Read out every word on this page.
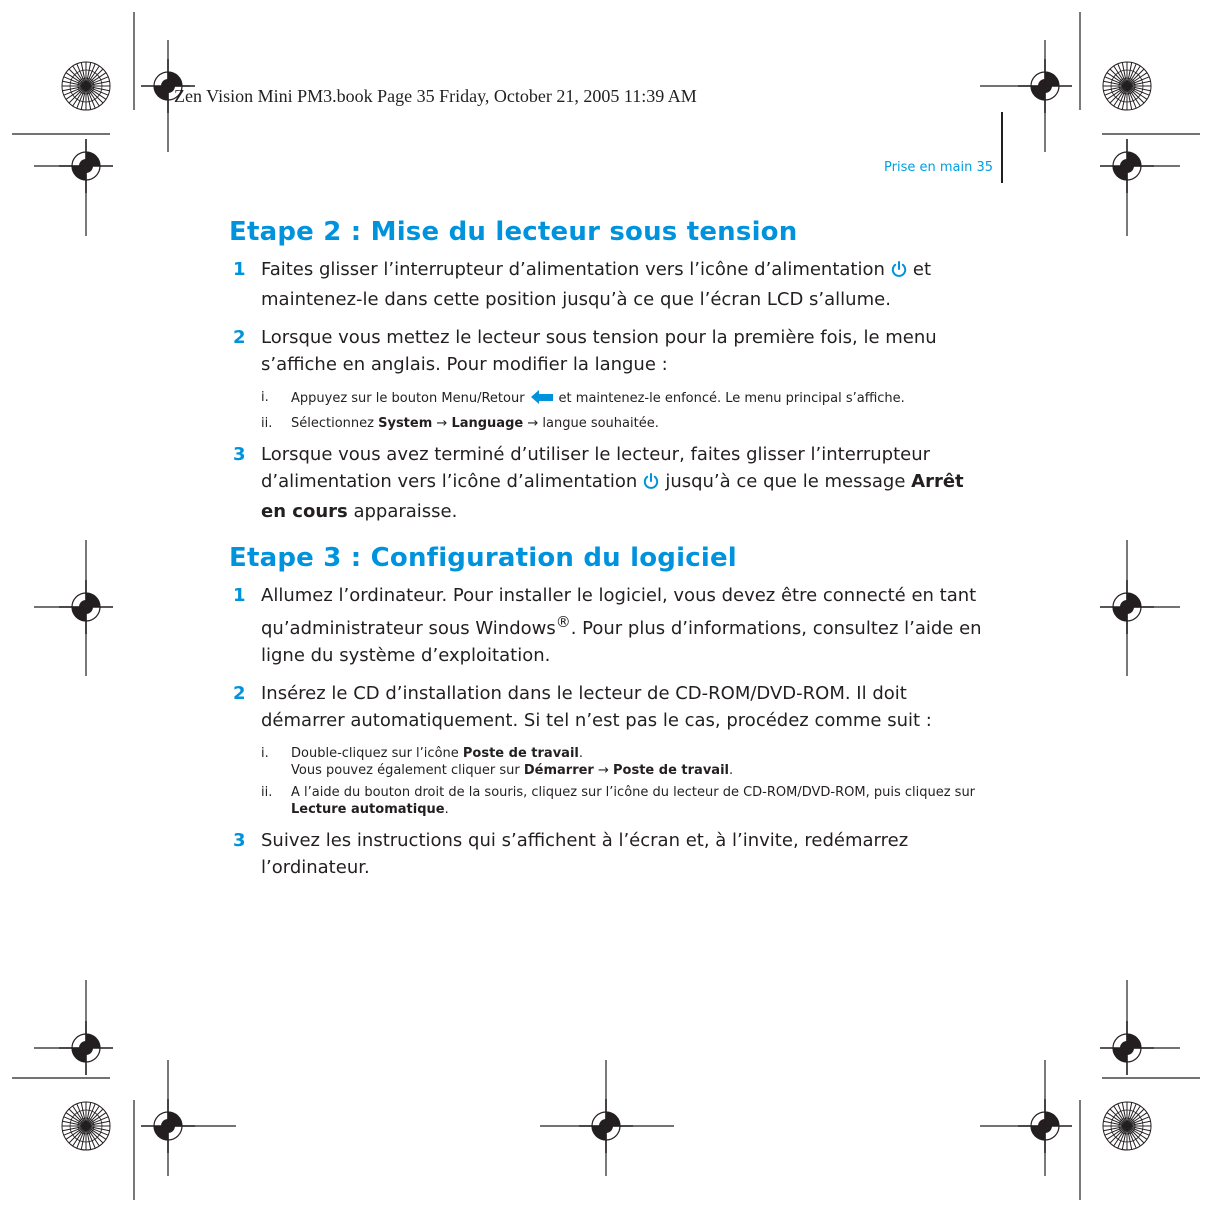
Zen Vision Mini PM3.book Page 35 Friday, October 21, 2005 11:39 AM
Prise en main 35
Etape 2 : Mise du lecteur sous tension
1 Faites glisser l’interrupteur d’alimentation vers l’icône d’alimentation et maintenez-le dans cette position jusqu’à ce que l’écran LCD s’allume.
2 Lorsque vous mettez le lecteur sous tension pour la première fois, le menu s’affiche en anglais. Pour modifier la langue :
i. Appuyez sur le bouton Menu/Retour	et maintenez-le enfoncé. Le menu principal s’affiche.
ii. Sélectionnez System → Language → langue souhaitée.
3 Lorsque vous avez terminé d’utiliser le lecteur, faites glisser l’interrupteur d’alimentation vers l’icône d’alimentation jusqu’à ce que le message Arrêt en cours apparaisse.
Etape 3 : Configuration du logiciel
1 Allumez l’ordinateur. Pour installer le logiciel, vous devez être connecté en tant qu’administrateur sous Windows®. Pour plus d’informations, consultez l’aide en ligne du système d’exploitation.
2 Insérez le CD d’installation dans le lecteur de CD-ROM/DVD-ROM. Il doit démarrer automatiquement. Si tel n’est pas le cas, procédez comme suit :
i. Double-cliquez sur l’icône Poste de travail.
Vous pouvez également cliquer sur Démarrer → Poste de travail.
ii. A l’aide du bouton droit de la souris, cliquez sur l’icône du lecteur de CD-ROM/DVD-ROM, puis cliquez sur Lecture automatique.
3 Suivez les instructions qui s’affichent à l’écran et, à l’invite, redémarrez l’ordinateur.
